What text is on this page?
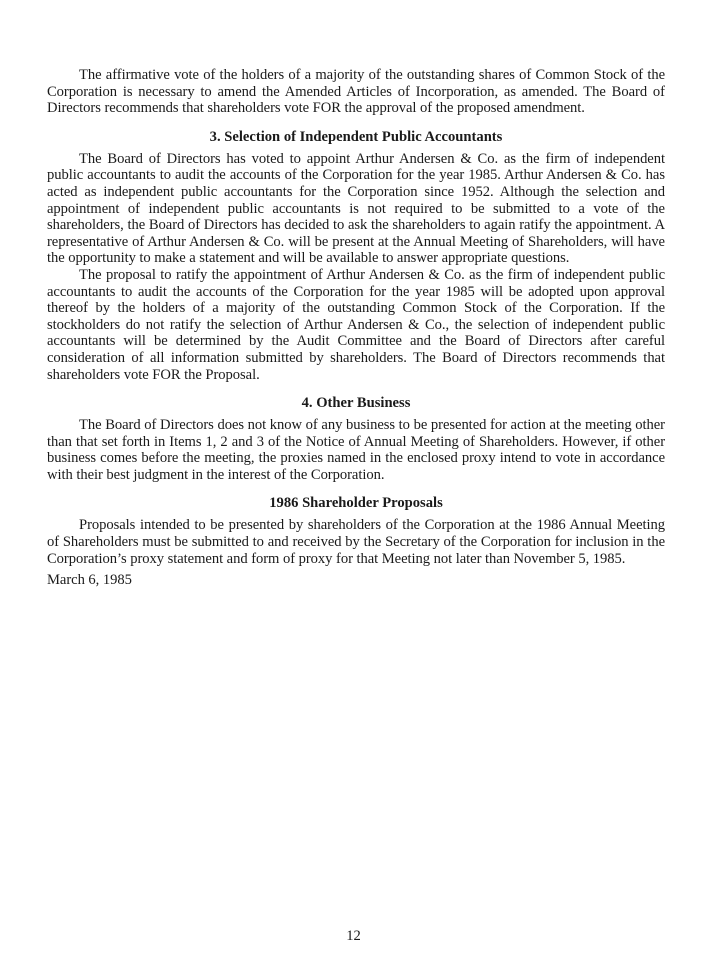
The affirmative vote of the holders of a majority of the outstanding shares of Common Stock of the Corporation is necessary to amend the Amended Articles of Incorporation, as amended. The Board of Directors recommends that shareholders vote FOR the approval of the proposed amendment.

3. Selection of Independent Public Accountants

The Board of Directors has voted to appoint Arthur Andersen & Co. as the firm of independent public accountants to audit the accounts of the Corporation for the year 1985. Arthur Andersen & Co. has acted as independent public accountants for the Corporation since 1952. Although the selection and appointment of independent public accountants is not required to be submitted to a vote of the shareholders, the Board of Directors has decided to ask the shareholders to again ratify the appointment. A representative of Arthur Andersen & Co. will be present at the Annual Meeting of Shareholders, will have the opportunity to make a statement and will be available to answer appropriate questions.

The proposal to ratify the appointment of Arthur Andersen & Co. as the firm of independent public accountants to audit the accounts of the Corporation for the year 1985 will be adopted upon approval thereof by the holders of a majority of the outstanding Common Stock of the Corporation. If the stockholders do not ratify the selection of Arthur Andersen & Co., the selection of independent public accountants will be determined by the Audit Committee and the Board of Directors after careful consideration of all information submitted by shareholders. The Board of Directors recommends that shareholders vote FOR the Proposal.

4. Other Business

The Board of Directors does not know of any business to be presented for action at the meeting other than that set forth in Items 1, 2 and 3 of the Notice of Annual Meeting of Shareholders. However, if other business comes before the meeting, the proxies named in the enclosed proxy intend to vote in accordance with their best judgment in the interest of the Corporation.

1986 Shareholder Proposals

Proposals intended to be presented by shareholders of the Corporation at the 1986 Annual Meeting of Shareholders must be submitted to and received by the Secretary of the Corporation for inclusion in the Corporation’s proxy statement and form of proxy for that Meeting not later than November 5, 1985.

March 6, 1985

12
